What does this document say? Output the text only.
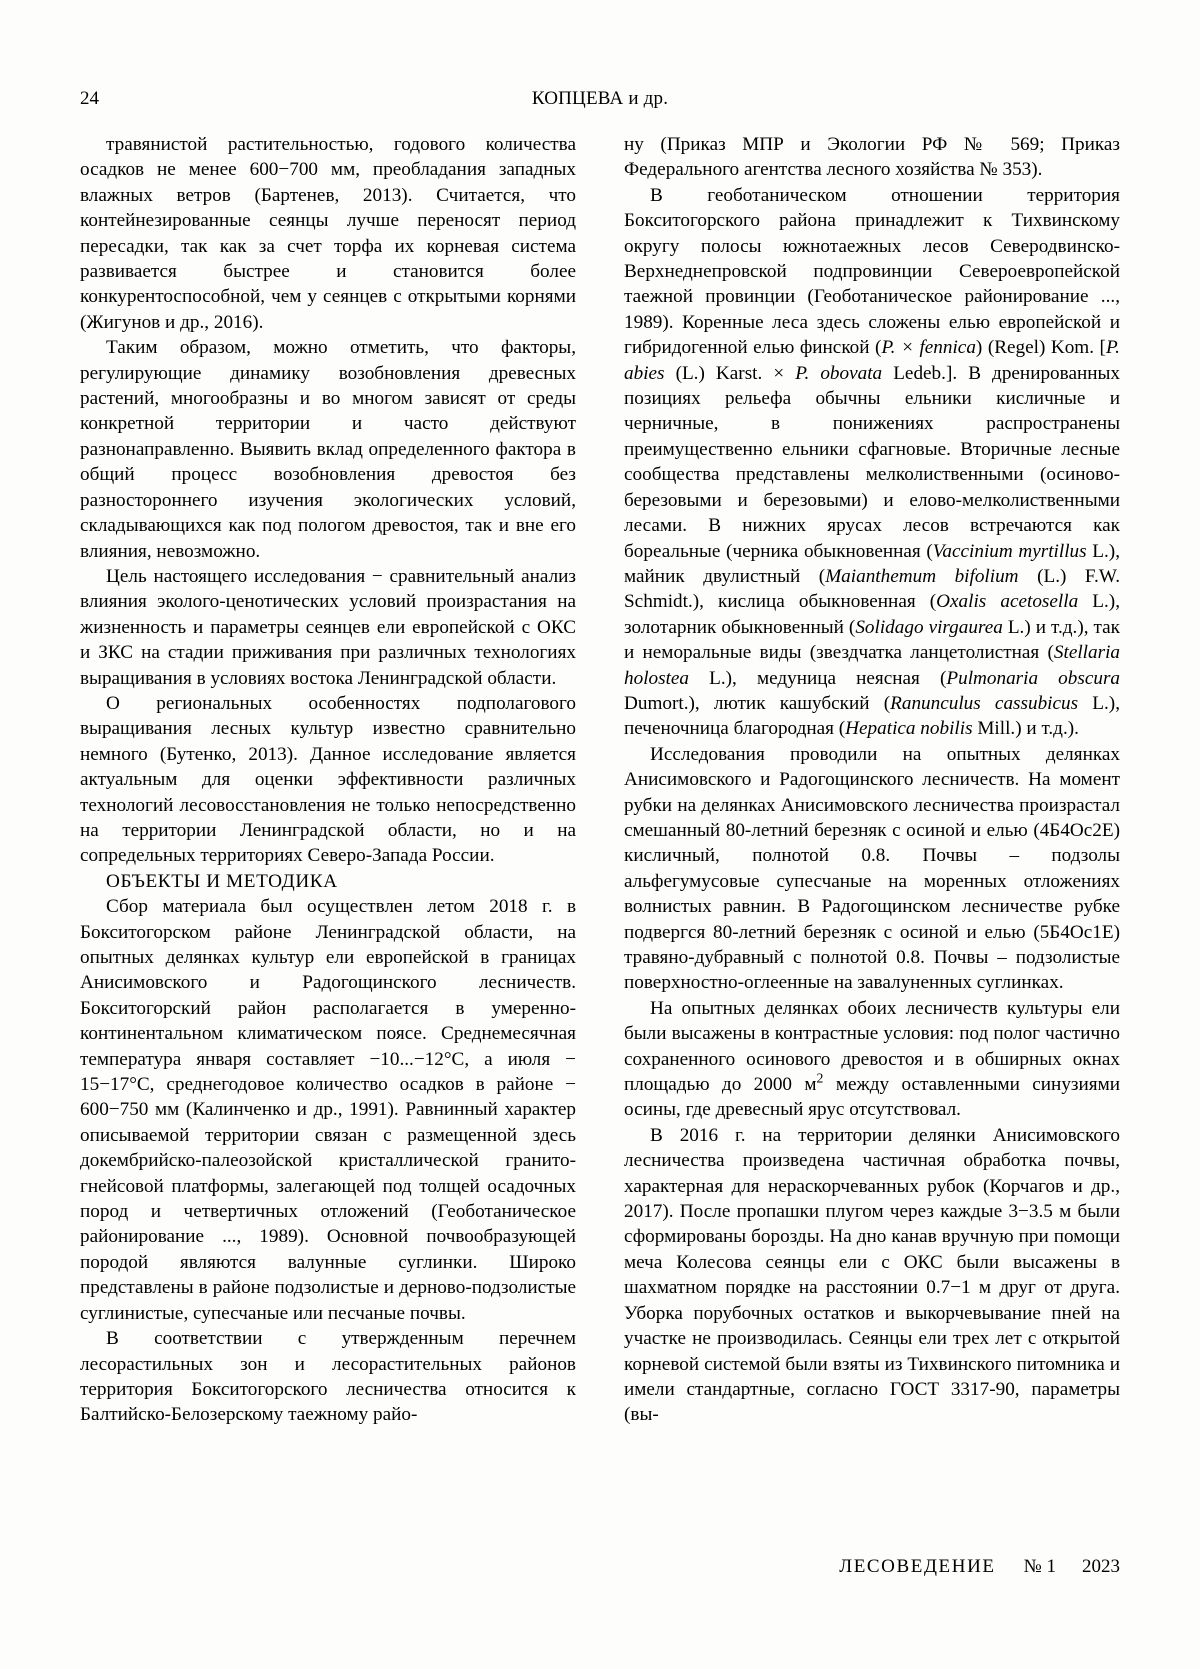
24	КОПЦЕВА и др.

травянистой растительностью, годового количества осадков не менее 600−700 мм, преобладания западных влажных ветров (Бартенев, 2013). Считается, что контейнезированные сеянцы лучше переносят период пересадки, так как за счет торфа их корневая система развивается быстрее и становится более конкурентоспособной, чем у сеянцев с открытыми корнями (Жигунов и др., 2016).

Таким образом, можно отметить, что факторы, регулирующие динамику возобновления древесных растений, многообразны и во многом зависят от среды конкретной территории и часто действуют разнонаправленно. Выявить вклад определенного фактора в общий процесс возобновления древостоя без разностороннего изучения экологических условий, складывающихся как под пологом древостоя, так и вне его влияния, невозможно.

Цель настоящего исследования − сравнительный анализ влияния эколого-ценотических условий произрастания на жизненность и параметры сеянцев ели европейской с ОКС и ЗКС на стадии приживания при различных технологиях выращивания в условиях востока Ленинградской области.

О региональных особенностях подполагового выращивания лесных культур известно сравнительно немного (Бутенко, 2013). Данное исследование является актуальным для оценки эффективности различных технологий лесовосстановления не только непосредственно на территории Ленинградской области, но и на сопредельных территориях Северо-Запада России.

ОБЪЕКТЫ И МЕТОДИКА

Сбор материала был осуществлен летом 2018 г. в Бокситогорском районе Ленинградской области, на опытных делянках культур ели европейской в границах Анисимовского и Радогощинского лесничеств. Бокситогорский район располагается в умеренно-континентальном климатическом поясе. Среднемесячная температура января составляет −10...−12°С, а июля − 15−17°С, среднегодовое количество осадков в районе − 600−750 мм (Калинченко и др., 1991). Равнинный характер описываемой территории связан с размещенной здесь докембрийско-палеозойской кристаллической гранито-гнейсовой платформы, залегающей под толщей осадочных пород и четвертичных отложений (Геоботаническое районирование ..., 1989). Основной почвообразующей породой являются валунные суглинки. Широко представлены в районе подзолистые и дерново-подзолистые суглинистые, супесчаные или песчаные почвы.

В соответствии с утвержденным перечнем лесорастильных зон и лесорастительных районов территория Бокситогорского лесничества относится к Балтийско-Белозерскому таежному райо-

ну (Приказ МПР и Экологии РФ № 569; Приказ Федерального агентства лесного хозяйства № 353).

В геоботаническом отношении территория Бокситогорского района принадлежит к Тихвинскому округу полосы южнотаежных лесов Северодвинско-Верхнеднепровской подпровинции Североевропейской таежной провинции (Геоботаническое районирование ..., 1989). Коренные леса здесь сложены елью европейской и гибридогенной елью финской (P. × fennica) (Regel) Kom. [P. abies (L.) Karst. × P. obovata Ledeb.]. В дренированных позициях рельефа обычны ельники кисличные и черничные, в понижениях распространены преимущественно ельники сфагновые. Вторичные лесные сообщества представлены мелколиственными (осиново-березовыми и березовыми) и елово-мелколиственными лесами. В нижних ярусах лесов встречаются как бореальные (черника обыкновенная (Vaccinium myrtillus L.), майник двулистный (Maianthemum bifolium (L.) F.W. Schmidt.), кислица обыкновенная (Oxalis acetosella L.), золотарник обыкновенный (Solidago virgaurea L.) и т.д.), так и неморальные виды (звездчатка ланцетолистная (Stellaria holostea L.), медуница неясная (Pulmonaria obscura Dumort.), лютик кашубский (Ranunculus cassubicus L.), печеночница благородная (Hepatica nobilis Mill.) и т.д.).

Исследования проводили на опытных делянках Анисимовского и Радогощинского лесничеств. На момент рубки на делянках Анисимовского лесничества произрастал смешанный 80-летний березняк с осиной и елью (4Б4Ос2Е) кисличный, полнотой 0.8. Почвы – подзолы альфегумусовые супесчаные на моренных отложениях волнистых равнин. В Радогощинском лесничестве рубке подвергся 80-летний березняк с осиной и елью (5Б4Ос1Е) травяно-дубравный с полнотой 0.8. Почвы – подзолистые поверхностно-оглеенные на завалуненных суглинках.

На опытных делянках обоих лесничеств культуры ели были высажены в контрастные условия: под полог частично сохраненного осинового древостоя и в обширных окнах площадью до 2000 $м^2$ между оставленными синузиями осины, где древесный ярус отсутствовал.

В 2016 г. на территории делянки Анисимовского лесничества произведена частичная обработка почвы, характерная для нераскорчеванных рубок (Корчагов и др., 2017). После пропашки плугом через каждые 3−3.5 м были сформированы борозды. На дно канав вручную при помощи меча Колесова сеянцы ели с ОКС были высажены в шахматном порядке на расстоянии 0.7−1 м друг от друга. Уборка порубочных остатков и выкорчевывание пней на участке не производилась. Сеянцы ели трех лет с открытой корневой системой были взяты из Тихвинского питомника и имели стандартные, согласно ГОСТ 3317-90, параметры (вы-

ЛЕСОВЕДЕНИЕ № 1 2023
